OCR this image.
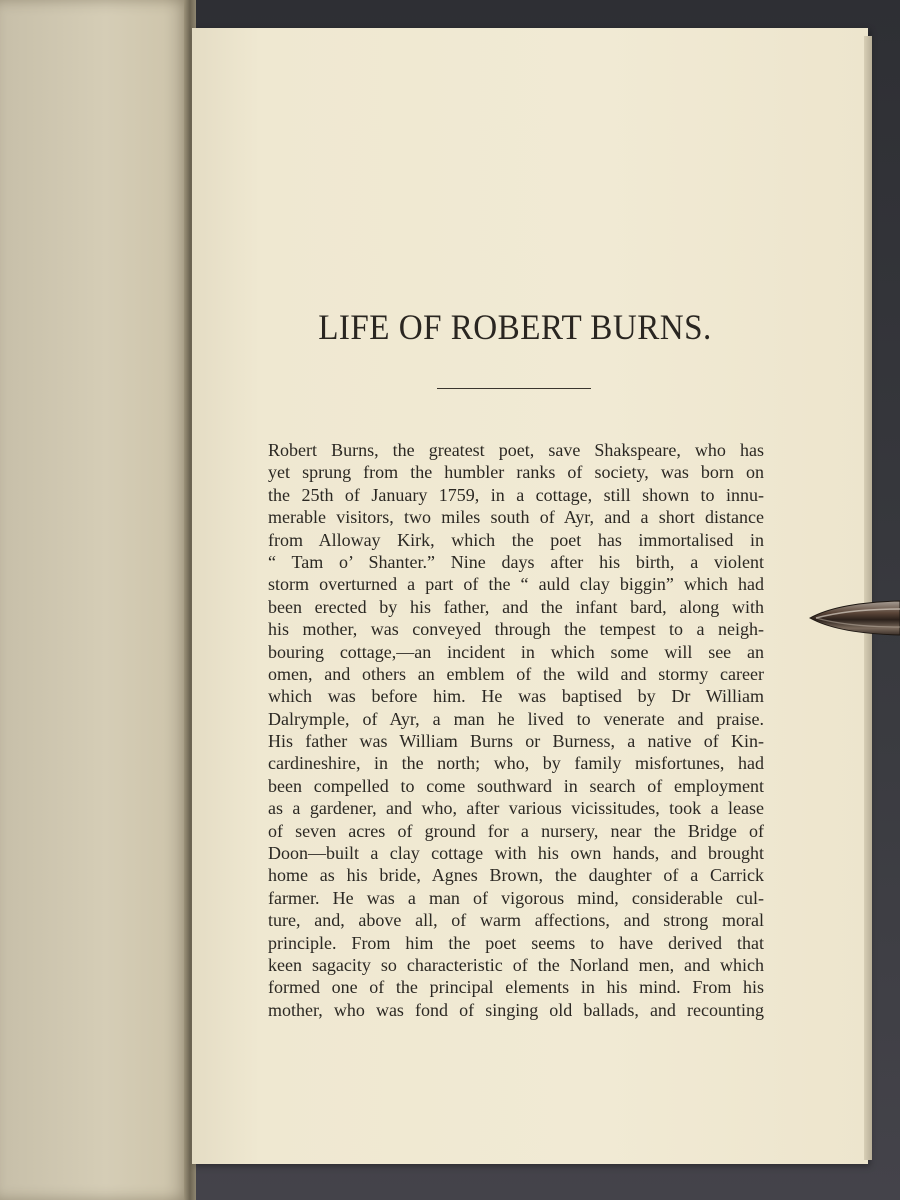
LIFE OF ROBERT BURNS.
Robert Burns, the greatest poet, save Shakspeare, who has
yet sprung from the humbler ranks of society, was born on
the 25th of January 1759, in a cottage, still shown to innu-
merable visitors, two miles south of Ayr, and a short distance
from Alloway Kirk, which the poet has immortalised in
“ Tam o’ Shanter.” Nine days after his birth, a violent
storm overturned a part of the “ auld clay biggin” which had
been erected by his father, and the infant bard, along with
his mother, was conveyed through the tempest to a neigh-
bouring cottage,—an incident in which some will see an
omen, and others an emblem of the wild and stormy career
which was before him. He was baptised by Dr William
Dalrymple, of Ayr, a man he lived to venerate and praise.
His father was William Burns or Burness, a native of Kin-
cardineshire, in the north; who, by family misfortunes, had
been compelled to come southward in search of employment
as a gardener, and who, after various vicissitudes, took a lease
of seven acres of ground for a nursery, near the Bridge of
Doon—built a clay cottage with his own hands, and brought
home as his bride, Agnes Brown, the daughter of a Carrick
farmer. He was a man of vigorous mind, considerable cul-
ture, and, above all, of warm affections, and strong moral
principle. From him the poet seems to have derived that
keen sagacity so characteristic of the Norland men, and which
formed one of the principal elements in his mind. From his
mother, who was fond of singing old ballads, and recounting
